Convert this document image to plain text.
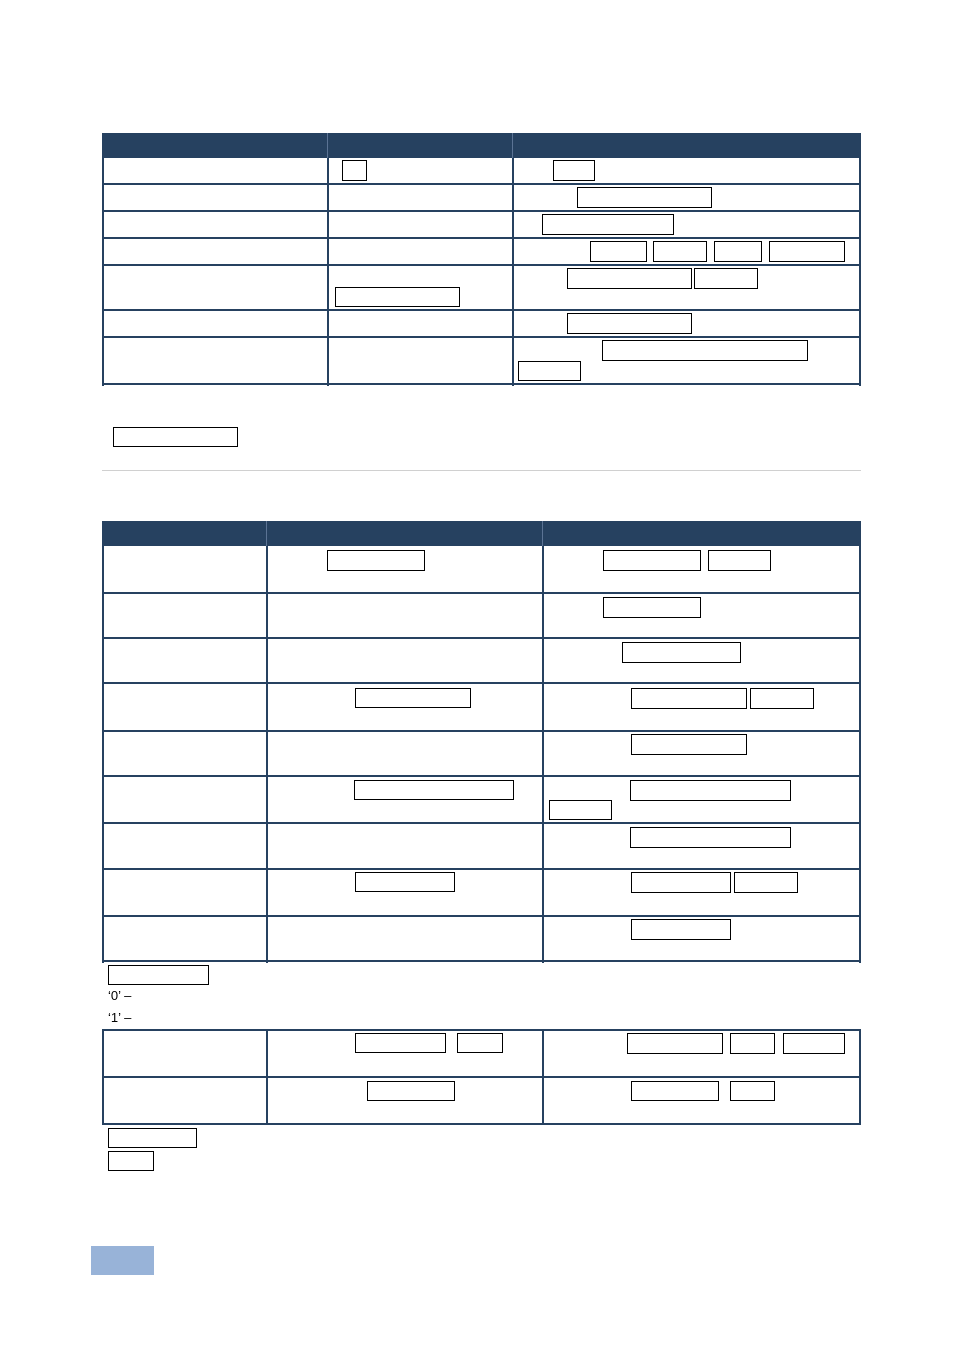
‘0’ –
‘1’ –
